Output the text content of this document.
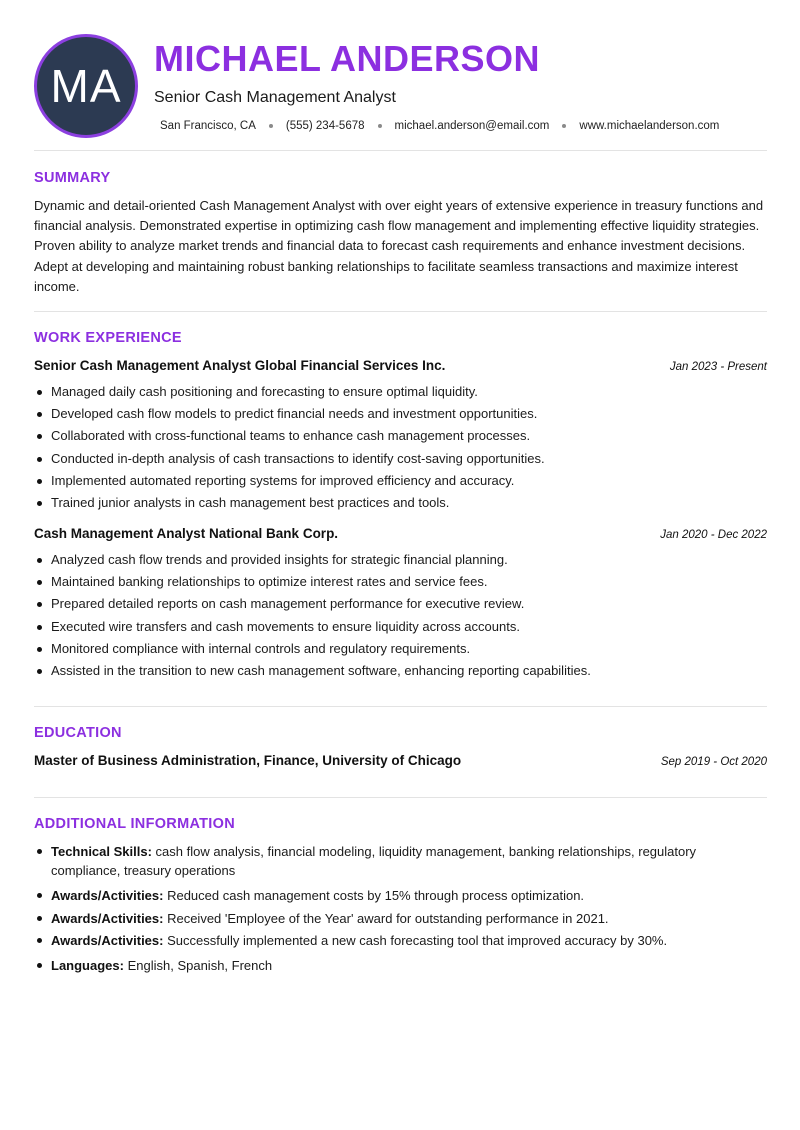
MA
MICHAEL ANDERSON
Senior Cash Management Analyst
San Francisco, CA	(555) 234-5678	michael.anderson@email.com	www.michaelanderson.com
SUMMARY
Dynamic and detail-oriented Cash Management Analyst with over eight years of extensive experience in treasury functions and financial analysis. Demonstrated expertise in optimizing cash flow management and implementing effective liquidity strategies. Proven ability to analyze market trends and financial data to forecast cash requirements and enhance investment decisions. Adept at developing and maintaining robust banking relationships to facilitate seamless transactions and maximize interest income.
WORK EXPERIENCE
Senior Cash Management Analyst Global Financial Services Inc.	Jan 2023 - Present
Managed daily cash positioning and forecasting to ensure optimal liquidity.
Developed cash flow models to predict financial needs and investment opportunities.
Collaborated with cross-functional teams to enhance cash management processes.
Conducted in-depth analysis of cash transactions to identify cost-saving opportunities.
Implemented automated reporting systems for improved efficiency and accuracy.
Trained junior analysts in cash management best practices and tools.
Cash Management Analyst National Bank Corp.	Jan 2020 - Dec 2022
Analyzed cash flow trends and provided insights for strategic financial planning.
Maintained banking relationships to optimize interest rates and service fees.
Prepared detailed reports on cash management performance for executive review.
Executed wire transfers and cash movements to ensure liquidity across accounts.
Monitored compliance with internal controls and regulatory requirements.
Assisted in the transition to new cash management software, enhancing reporting capabilities.
EDUCATION
Master of Business Administration, Finance, University of Chicago	Sep 2019 - Oct 2020
ADDITIONAL INFORMATION
Technical Skills: cash flow analysis, financial modeling, liquidity management, banking relationships, regulatory compliance, treasury operations
Awards/Activities: Reduced cash management costs by 15% through process optimization.
Awards/Activities: Received 'Employee of the Year' award for outstanding performance in 2021.
Awards/Activities: Successfully implemented a new cash forecasting tool that improved accuracy by 30%.
Languages: English, Spanish, French
